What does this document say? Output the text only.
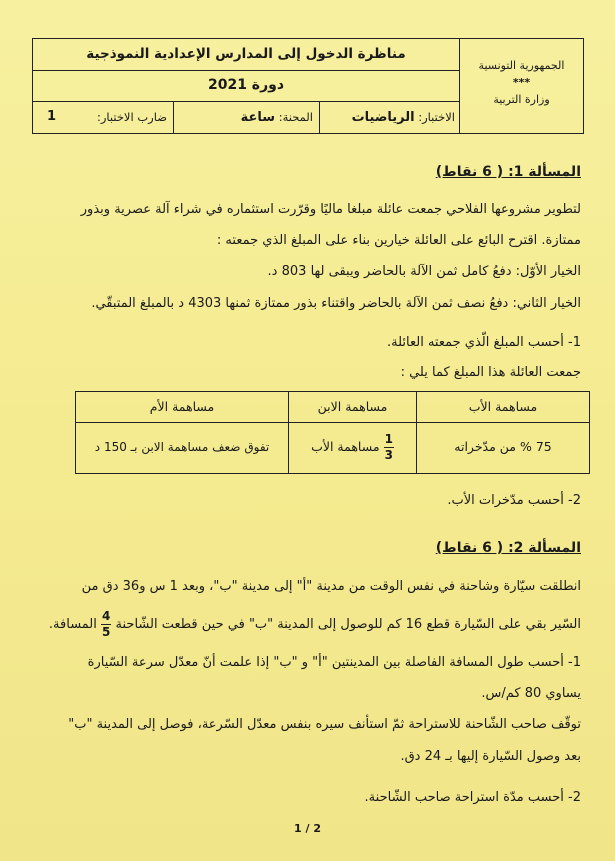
مناظرة الدخول إلى المدارس الإعدادية النموذجية
دورة 2021
الاختبار: الرياضيات
المحنة: ساعة
ضارب الاختبار:
1
الجمهورية التونسية
***
وزارة التربية
المسألة 1: ( 6 نقاط)
لتطوير مشروعها الفلاحي جمعت عائلة مبلغا ماليًا وقرّرت استثماره في شراء آلة عصرية وبذور
ممتازة. اقترح البائع على العائلة خيارين بناء على المبلغ الذي جمعته :
الخيار الأوّل: دفعُ كامل ثمن الآلة بالحاضر ويبقى لها 803 د.
الخيار الثاني: دفعُ نصف ثمن الآلة بالحاضر واقتناء بذور ممتازة ثمنها 4303 د بالمبلغ المتبقّي.
1- أحسب المبلغ الّذي جمعته العائلة.
جمعت العائلة هذا المبلغ كما يلي :
مساهمة الأب
مساهمة الابن
مساهمة الأم
75 % من مدّخراته
$\frac{1}{3}$
مساهمة الأب
تفوق ضعف مساهمة الابن بـ 150 د
2- أحسب مدّخرات الأب.
المسألة 2: ( 6 نقاط)
انطلقت سيّارة وشاحنة في نفس الوقت من مدينة "أ" إلى مدينة "ب"، وبعد 1 س و36 دق من
السّير بقي على السّيارة قطع 16 كم للوصول إلى المدينة "ب" في حين قطعت الشّاحنة
$\frac{4}{5}$
المسافة.
1- أحسب طول المسافة الفاصلة بين المدينتين "أ" و "ب" إذا علمت أنّ معدّل سرعة السّيارة
يساوي 80 كم/س.
توقّف صاحب الشّاحنة للاستراحة ثمّ استأنف سيره بنفس معدّل السّرعة، فوصل إلى المدينة "ب"
بعد وصول السّيارة إليها بـ 24 دق.
2- أحسب مدّة استراحة صاحب الشّاحنة.
1 / 2
